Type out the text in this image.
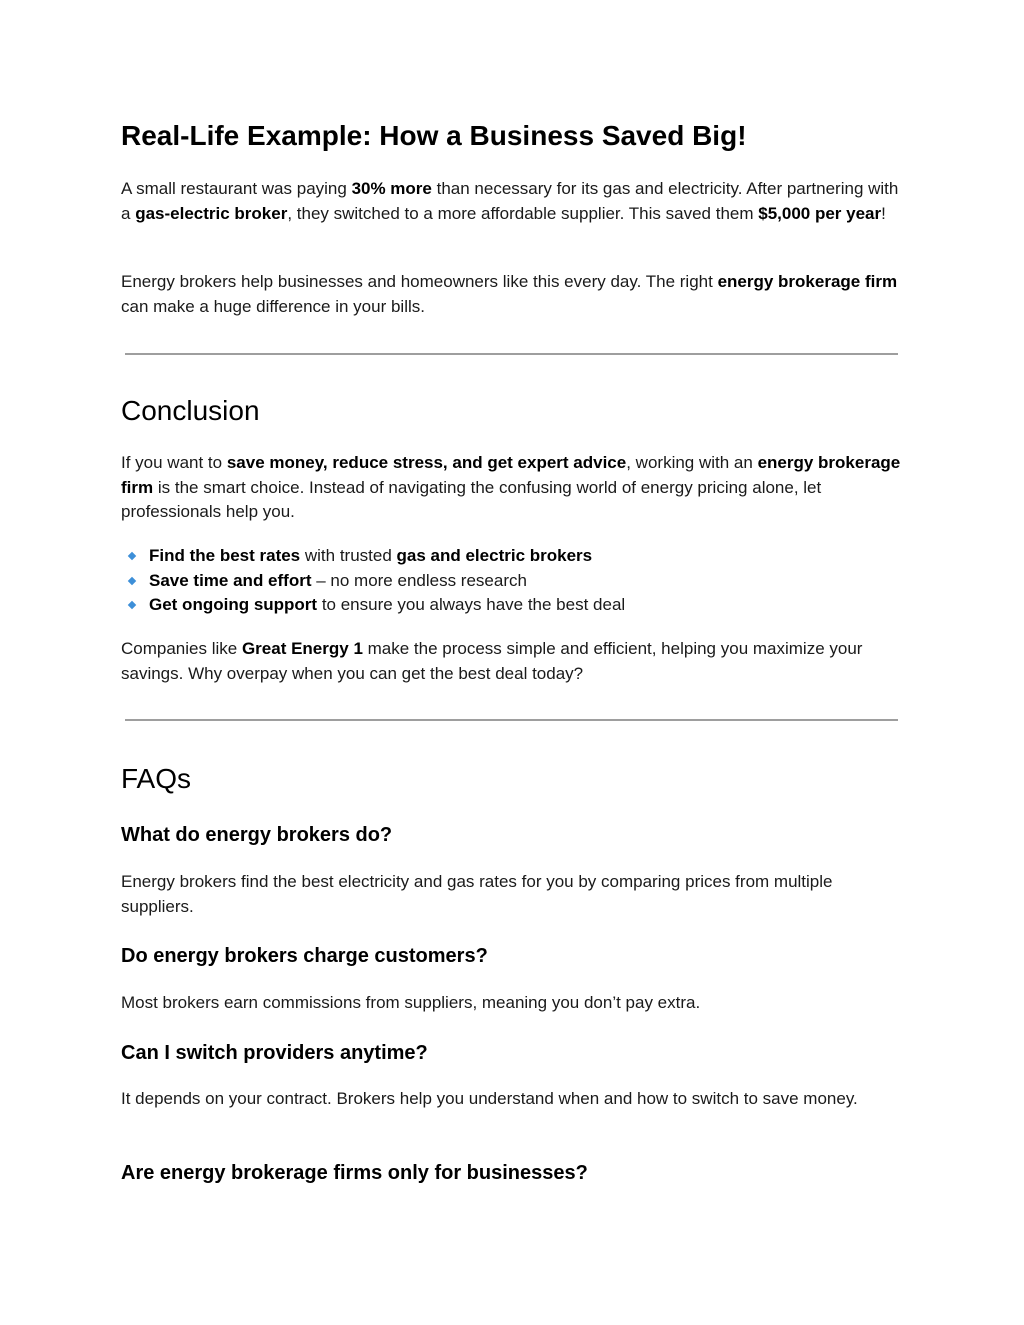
Real-Life Example: How a Business Saved Big!

A small restaurant was paying 30% more than necessary for its gas and electricity. After partnering with a gas-electric broker, they switched to a more affordable supplier. This saved them $5,000 per year!

Energy brokers help businesses and homeowners like this every day. The right energy brokerage firm can make a huge difference in your bills.

Conclusion

If you want to save money, reduce stress, and get expert advice, working with an energy brokerage firm is the smart choice. Instead of navigating the confusing world of energy pricing alone, let professionals help you.

Find the best rates with trusted gas and electric brokers
Save time and effort – no more endless research
Get ongoing support to ensure you always have the best deal

Companies like Great Energy 1 make the process simple and efficient, helping you maximize your savings. Why overpay when you can get the best deal today?

FAQs
What do energy brokers do?

Energy brokers find the best electricity and gas rates for you by comparing prices from multiple suppliers.

Do energy brokers charge customers?

Most brokers earn commissions from suppliers, meaning you don’t pay extra.

Can I switch providers anytime?

It depends on your contract. Brokers help you understand when and how to switch to save money.

Are energy brokerage firms only for businesses?
